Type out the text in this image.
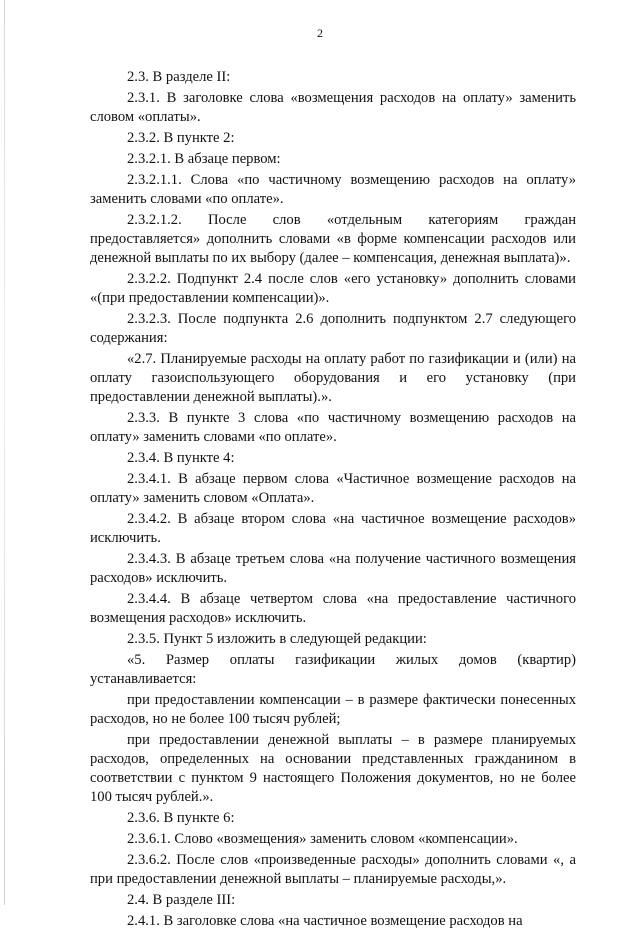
2

2.3. В разделе II:

2.3.1. В заголовке слова «возмещения расходов на оплату» заменить словом «оплаты».

2.3.2. В пункте 2:

2.3.2.1. В абзаце первом:

2.3.2.1.1. Слова «по частичному возмещению расходов на оплату» заменить словами «по оплате».

2.3.2.1.2. После слов «отдельным категориям граждан предоставляется» дополнить словами «в форме компенсации расходов или денежной выплаты по их выбору (далее – компенсация, денежная выплата)».

2.3.2.2. Подпункт 2.4 после слов «его установку» дополнить словами «(при предоставлении компенсации)».

2.3.2.3. После подпункта 2.6 дополнить подпунктом 2.7 следующего содержания:

«2.7. Планируемые расходы на оплату работ по газификации и (или) на оплату газоиспользующего оборудования и его установку (при предоставлении денежной выплаты).».

2.3.3. В пункте 3 слова «по частичному возмещению расходов на оплату» заменить словами «по оплате».

2.3.4. В пункте 4:

2.3.4.1. В абзаце первом слова «Частичное возмещение расходов на оплату» заменить словом «Оплата».

2.3.4.2. В абзаце втором слова «на частичное возмещение расходов» исключить.

2.3.4.3. В абзаце третьем слова «на получение частичного возмещения расходов» исключить.

2.3.4.4. В абзаце четвертом слова «на предоставление частичного возмещения расходов» исключить.

2.3.5. Пункт 5 изложить в следующей редакции:

«5. Размер оплаты газификации жилых домов (квартир) устанавливается:

при предоставлении компенсации – в размере фактически понесенных расходов, но не более 100 тысяч рублей;

при предоставлении денежной выплаты – в размере планируемых расходов, определенных на основании представленных гражданином в соответствии с пунктом 9 настоящего Положения документов, но не более 100 тысяч рублей.».

2.3.6. В пункте 6:

2.3.6.1. Слово «возмещения» заменить словом «компенсации».

2.3.6.2. После слов «произведенные расходы» дополнить словами «, а при предоставлении денежной выплаты – планируемые расходы,».

2.4. В разделе III:

2.4.1. В заголовке слова «на частичное возмещение расходов на
